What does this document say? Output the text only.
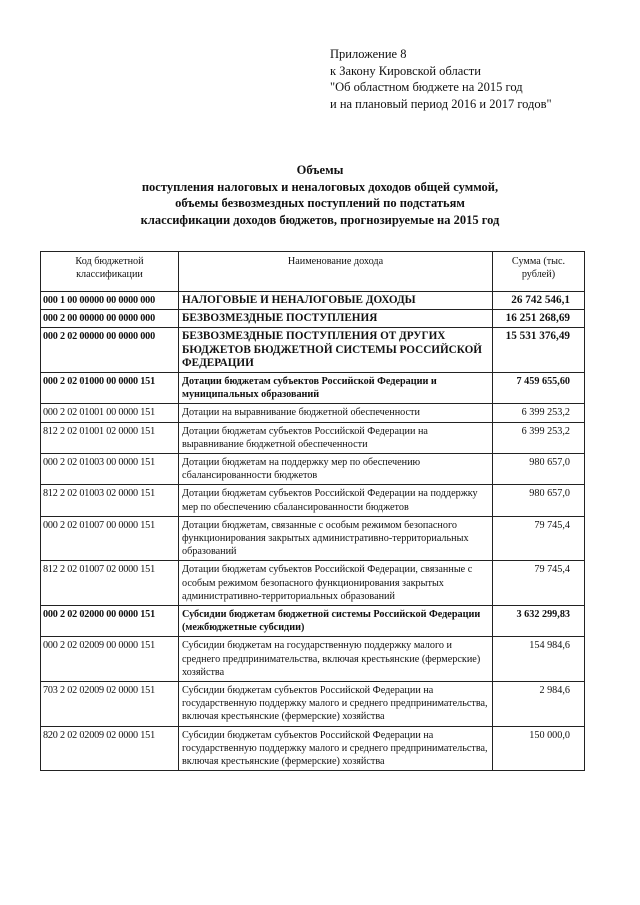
Приложение 8
к Закону Кировской области
"Об областном бюджете на 2015 год
и на плановый период 2016 и 2017 годов"
Объемы
поступления налоговых и неналоговых доходов общей суммой,
объемы безвозмездных поступлений по подстатьям
классификации доходов бюджетов, прогнозируемые на 2015 год
Код бюджетной классификации	Наименование дохода	Сумма (тыс. рублей)
000 1 00 00000 00 0000 000	НАЛОГОВЫЕ И НЕНАЛОГОВЫЕ ДОХОДЫ	26 742 546,1
000 2 00 00000 00 0000 000	БЕЗВОЗМЕЗДНЫЕ ПОСТУПЛЕНИЯ	16 251 268,69
000 2 02 00000 00 0000 000	БЕЗВОЗМЕЗДНЫЕ ПОСТУПЛЕНИЯ ОТ ДРУГИХ БЮДЖЕТОВ БЮДЖЕТНОЙ СИСТЕМЫ РОССИЙСКОЙ ФЕДЕРАЦИИ	15 531 376,49
000 2 02 01000 00 0000 151	Дотации бюджетам субъектов Российской Федерации и муниципальных образований	7 459 655,60
000 2 02 01001 00 0000 151	Дотации на выравнивание бюджетной обеспеченности	6 399 253,2
812 2 02 01001 02 0000 151	Дотации бюджетам субъектов Российской Федерации на выравнивание бюджетной обеспеченности	6 399 253,2
000 2 02 01003 00 0000 151	Дотации бюджетам на поддержку мер по обеспечению сбалансированности бюджетов	980 657,0
812 2 02 01003 02 0000 151	Дотации бюджетам субъектов Российской Федерации на поддержку мер по обеспечению сбалансированности бюджетов	980 657,0
000 2 02 01007 00 0000 151	Дотации бюджетам, связанные с особым режимом безопасного функционирования закрытых административно-территориальных образований	79 745,4
812 2 02 01007 02 0000 151	Дотации бюджетам субъектов Российской Федерации, связанные с особым режимом безопасного функционирования закрытых административно-территориальных образований	79 745,4
000 2 02 02000 00 0000 151	Субсидии бюджетам бюджетной системы Российской Федерации (межбюджетные субсидии)	3 632 299,83
000 2 02 02009 00 0000 151	Субсидии бюджетам на государственную поддержку малого и среднего предпринимательства, включая крестьянские (фермерские) хозяйства	154 984,6
703 2 02 02009 02 0000 151	Субсидии бюджетам субъектов Российской Федерации на государственную поддержку малого и среднего предпринимательства, включая крестьянские (фермерские) хозяйства	2 984,6
820 2 02 02009 02 0000 151	Субсидии бюджетам субъектов Российской Федерации на государственную поддержку малого и среднего предпринимательства, включая крестьянские (фермерские) хозяйства	150 000,0
